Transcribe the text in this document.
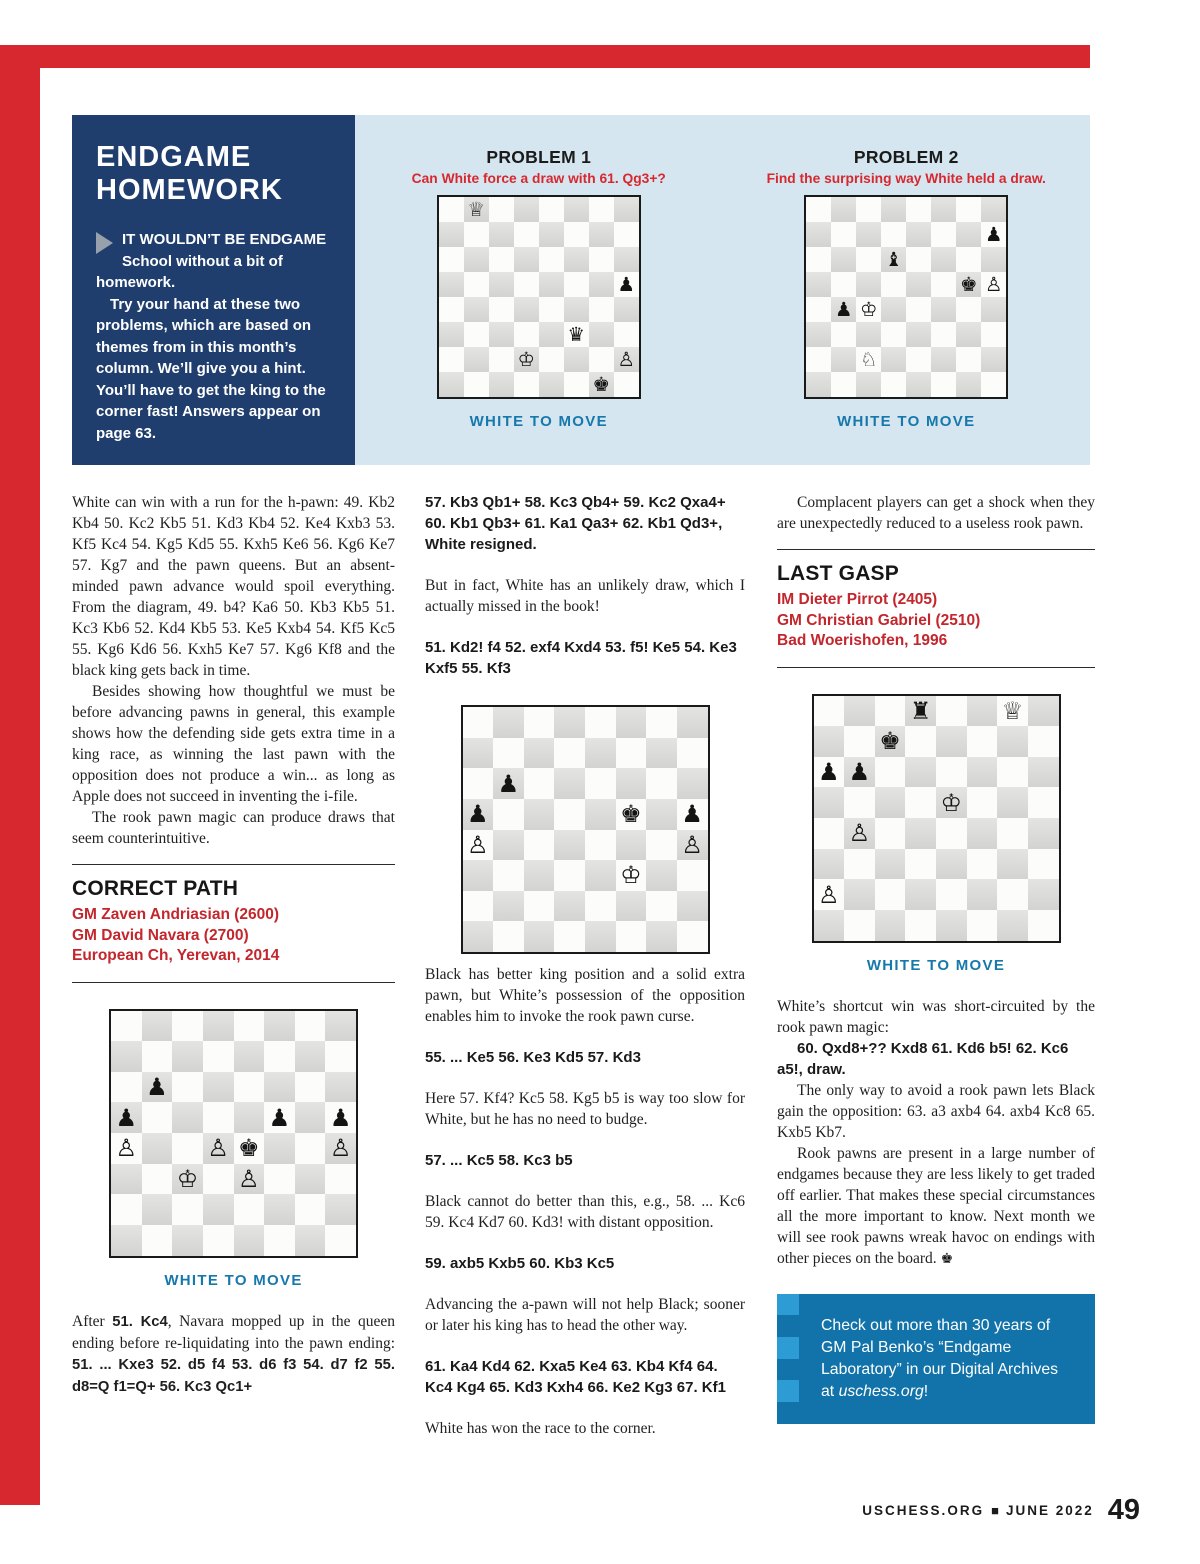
ENDGAME
HOMEWORK

IT WOULDN’T BE ENDGAME School without a bit of homework.

Try your hand at these two problems, which are based on themes from in this month’s column. We’ll give you a hint. You’ll have to get the king to the corner fast! Answers appear on page 63.

PROBLEM 1
Can White force a draw with 61. Qg3+?
♕︎
♟︎
♛︎
♔︎	♙︎
♚︎
WHITE TO MOVE
PROBLEM 2
Find the surprising way White held a draw.
♟︎
♝︎
♚︎ ♙︎
♟︎ ♔︎
♘︎
WHITE TO MOVE

White can win with a run for the h-pawn: 49. Kb2 Kb4 50. Kc2 Kb5 51. Kd3 Kb4 52. Ke4 Kxb3 53. Kf5 Kc4 54. Kg5 Kd5 55. Kxh5 Ke6 56. Kg6 Ke7 57. Kg7 and the pawn queens. But an absent-minded pawn advance would spoil everything. From the diagram, 49. b4? Ka6 50. Kb3 Kb5 51. Kc3 Kb6 52. Kd4 Kb5 53. Ke5 Kxb4 54. Kf5 Kc5 55. Kg6 Kd6 56. Kxh5 Ke7 57. Kg6 Kf8 and the black king gets back in time.

Besides showing how thoughtful we must be before advancing pawns in general, this example shows how the defending side gets extra time in a king race, as winning the last pawn with the opposition does not produce a win... as long as Apple does not succeed in inventing the i-file.

The rook pawn magic can produce draws that seem counterintuitive.

CORRECT PATH
GM Zaven Andriasian (2600)
GM David Navara (2700)
European Ch, Yerevan, 2014
♟︎
♟︎	♟︎ ♟︎
♙︎	♙︎ ♚︎	♙︎
♔︎ ♙︎
WHITE TO MOVE

After 51. Kc4, Navara mopped up in the queen ending before re-liquidating into the pawn ending: 51. ... Kxe3 52. d5 f4 53. d6 f3 54. d7 f2 55. d8=Q f1=Q+ 56. Kc3 Qc1+

57. Kb3 Qb1+ 58. Kc3 Qb4+ 59. Kc2 Qxa4+ 60. Kb1 Qb3+ 61. Ka1 Qa3+ 62. Kb1 Qd3+, White resigned.

But in fact, White has an unlikely draw, which I actually missed in the book!

51. Kd2! f4 52. exf4 Kxd4 53. f5! Ke5 54. Ke3 Kxf5 55. Kf3
♟︎
♟︎	♚︎ ♟︎
♙︎	♙︎
♔︎

Black has better king position and a solid extra pawn, but White’s possession of the opposition enables him to invoke the rook pawn curse.

55. ... Ke5 56. Ke3 Kd5 57. Kd3

Here 57. Kf4? Kc5 58. Kg5 b5 is way too slow for White, but he has no need to budge.

57. ... Kc5 58. Kc3 b5

Black cannot do better than this, e.g., 58. ... Kc6 59. Kc4 Kd7 60. Kd3! with distant opposition.

59. axb5 Kxb5 60. Kb3 Kc5

Advancing the a-pawn will not help Black; sooner or later his king has to head the other way.

61. Ka4 Kd4 62. Kxa5 Ke4 63. Kb4 Kf4 64. Kc4 Kg4 65. Kd3 Kxh4 66. Ke2 Kg3 67. Kf1

White has won the race to the corner.

Complacent players can get a shock when they are unexpectedly reduced to a useless rook pawn.

LAST GASP
IM Dieter Pirrot (2405)
GM Christian Gabriel (2510)
Bad Woerishofen, 1996
♜︎	♕︎
♚︎
♟︎ ♟︎
♔︎
♙︎
♙︎
WHITE TO MOVE

White’s shortcut win was short-circuited by the rook pawn magic:

60. Qxd8+?? Kxd8 61. Kd6 b5! 62. Kc6 a5!, draw.

The only way to avoid a rook pawn lets Black gain the opposition: 63. a3 axb4 64. axb4 Kc8 65. Kxb5 Kb7.

Rook pawns are present in a large number of endgames because they are less likely to get traded off earlier. That makes these special circumstances all the more important to know. Next month we will see rook pawns wreak havoc on endings with other pieces on the board. ♚︎

Check out more than 30 years of GM Pal Benko’s “Endgame Laboratory” in our Digital Archives at uschess.org!

USCHESS.ORG ■ JUNE 2022 49
